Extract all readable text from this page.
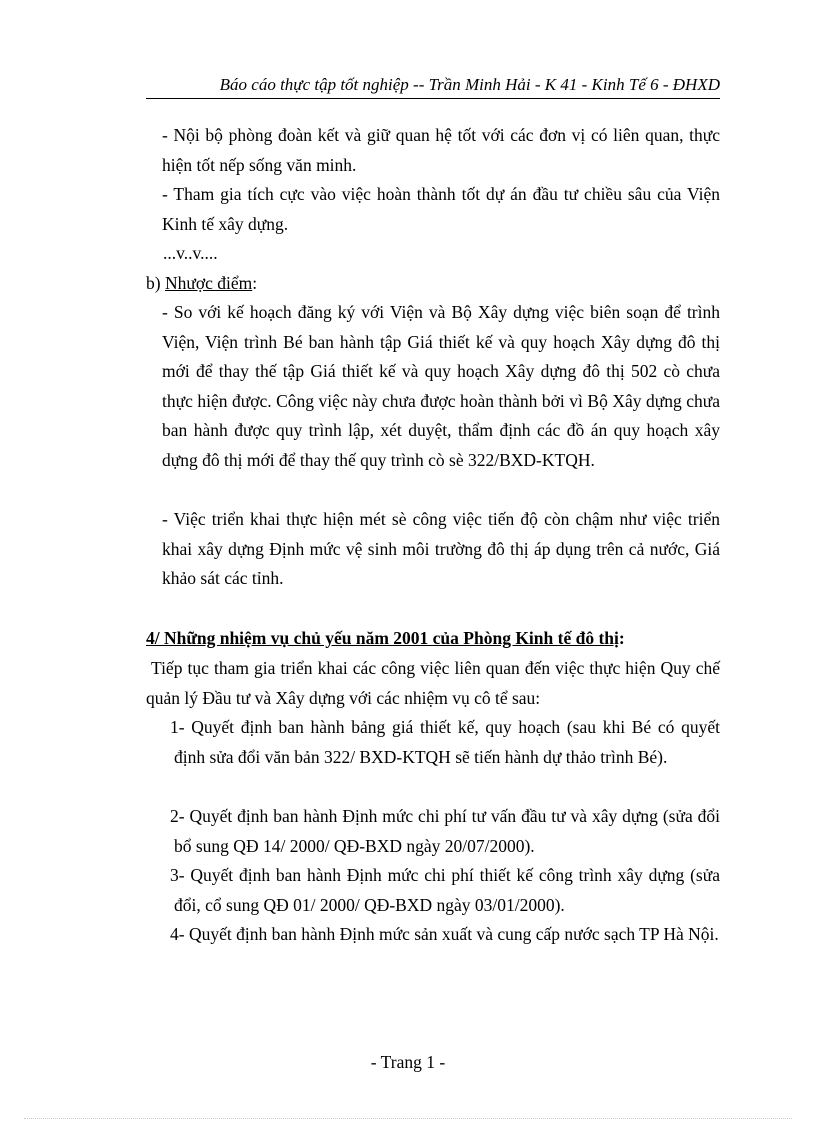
Báo cáo thực tập tốt nghiệp -- Trần Minh Hải - K 41 - Kinh Tế 6 - ĐHXD

- Nội bộ phòng đoàn kết và giữ quan hệ tốt với các đơn vị có liên quan, thực hiện tốt nếp sống văn minh.

- Tham gia tích cực vào việc hoàn thành tốt dự án đầu tư chiều sâu của Viện Kinh tế xây dựng.

...v..v....

b) Nhược điểm:

- So với kế hoạch đăng ký với Viện và Bộ Xây dựng việc biên soạn để trình Viện, Viện trình Bé ban hành tập Giá thiết kế và quy hoạch Xây dựng đô thị mới để thay thế tập Giá thiết kế và quy hoạch Xây dựng đô thị 502 cò chưa thực hiện được. Công việc này chưa được hoàn thành bởi vì Bộ Xây dựng chưa ban hành được quy trình lập, xét duyệt, thẩm định các đồ án quy hoạch xây dựng đô thị mới để thay thế quy trình cò sè 322/BXD-KTQH.

- Việc triển khai thực hiện mét sè công việc tiến độ còn chậm như việc triển khai xây dựng Định mức vệ sinh môi trường đô thị áp dụng trên cả nước, Giá khảo sát các tỉnh.

4/ Những nhiệm vụ chủ yếu năm 2001 của Phòng Kinh tế đô thị:

Tiếp tục tham gia triển khai các công việc liên quan đến việc thực hiện Quy chế quản lý Đầu tư và Xây dựng với các nhiệm vụ cô tể sau:

1- Quyết định ban hành bảng giá thiết kế, quy hoạch (sau khi Bé có quyết định sửa đổi văn bản 322/ BXD-KTQH sẽ tiến hành dự thảo trình Bé).

2- Quyết định ban hành Định mức chi phí tư vấn đầu tư và xây dựng (sửa đổi bổ sung QĐ 14/ 2000/ QĐ-BXD ngày 20/07/2000).

3- Quyết định ban hành Định mức chi phí thiết kế công trình xây dựng (sửa đổi, cổ sung QĐ 01/ 2000/ QĐ-BXD ngày 03/01/2000).

4- Quyết định ban hành Định mức sản xuất và cung cấp nước sạch TP Hà Nội.

- Trang 1 -
